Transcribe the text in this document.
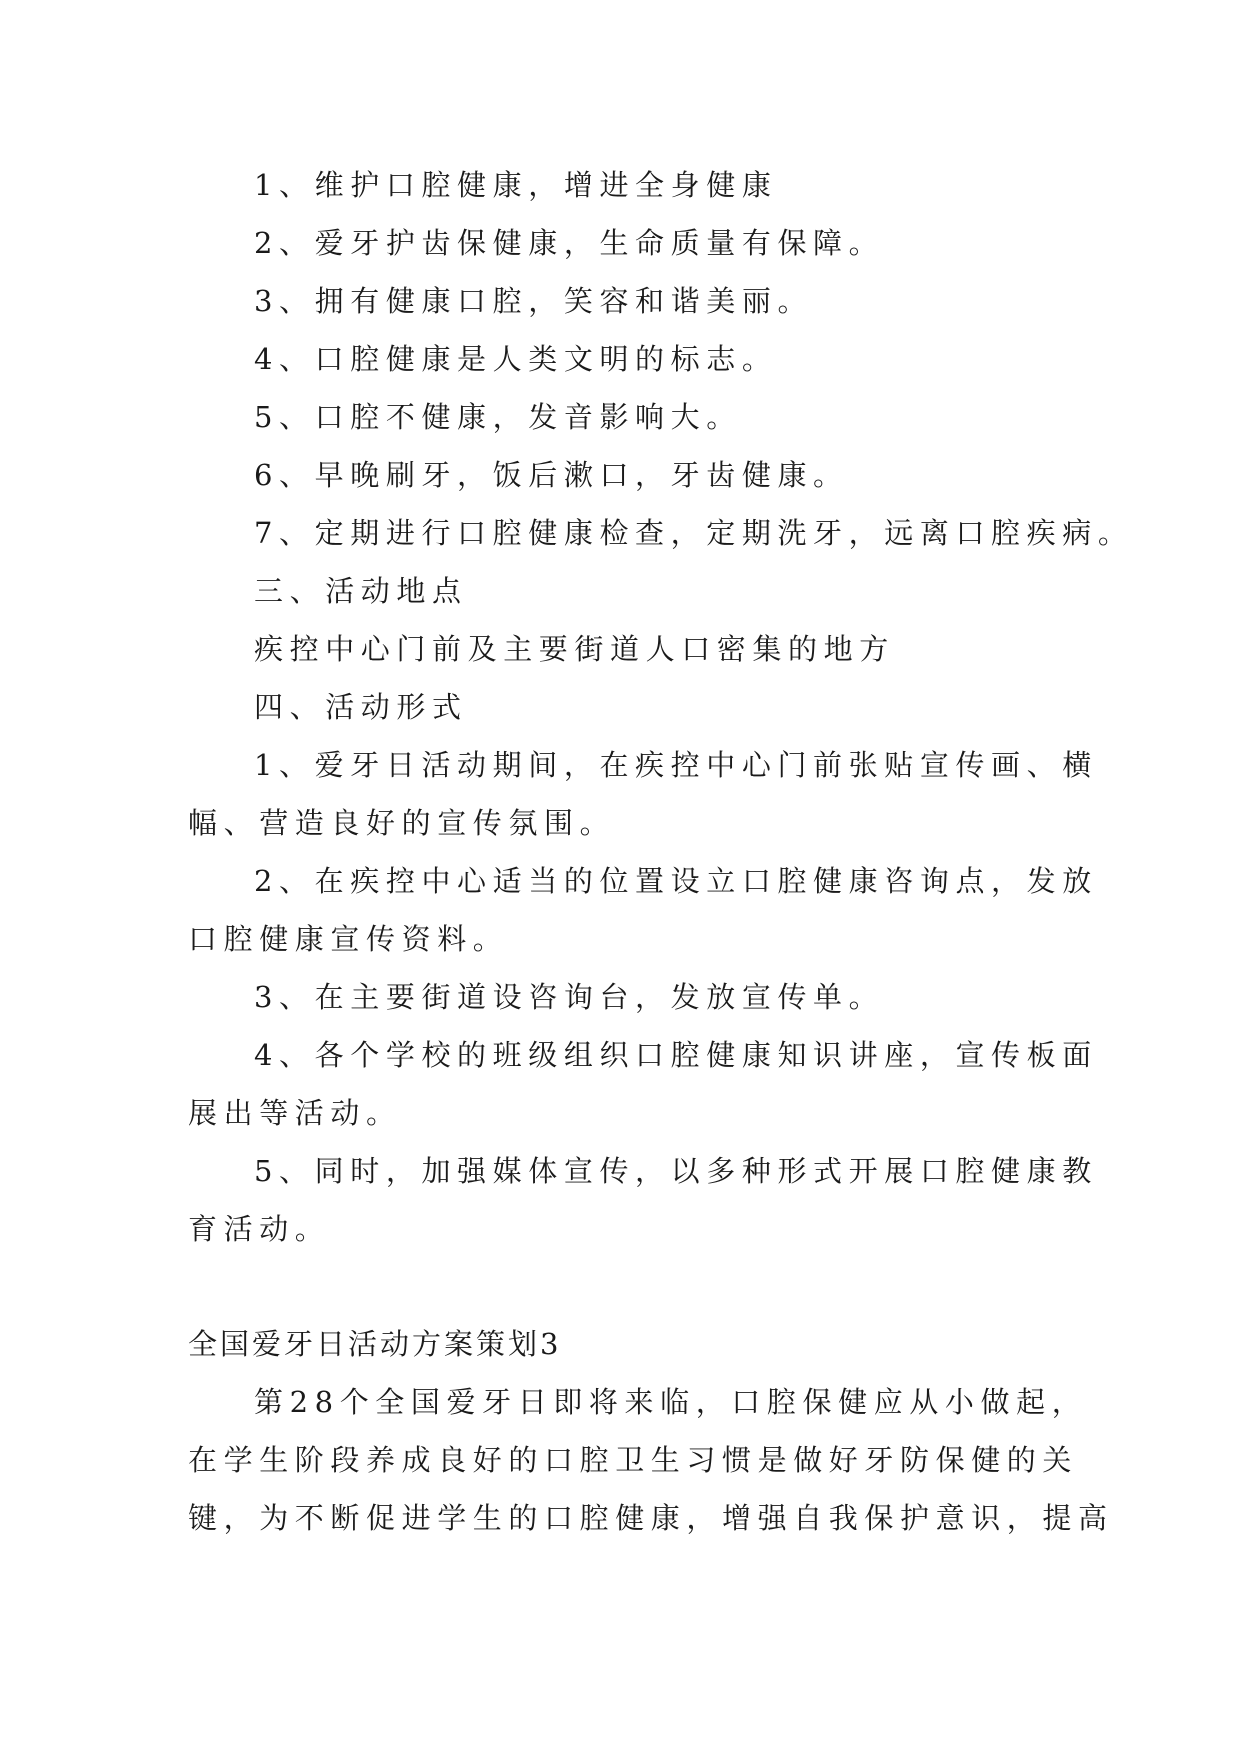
1、维护口腔健康，增进全身健康
2、爱牙护齿保健康，生命质量有保障。
3、拥有健康口腔，笑容和谐美丽。
4、口腔健康是人类文明的标志。
5、口腔不健康，发音影响大。
6、早晚刷牙，饭后漱口，牙齿健康。
7、定期进行口腔健康检查，定期洗牙，远离口腔疾病。
三、活动地点
疾控中心门前及主要街道人口密集的地方
四、活动形式
1、爱牙日活动期间，在疾控中心门前张贴宣传画、横
幅、营造良好的宣传氛围。
2、在疾控中心适当的位置设立口腔健康咨询点，发放
口腔健康宣传资料。
3、在主要街道设咨询台，发放宣传单。
4、各个学校的班级组织口腔健康知识讲座，宣传板面
展出等活动。
5、同时，加强媒体宣传，以多种形式开展口腔健康教
育活动。
全国爱牙日活动方案策划3
第28个全国爱牙日即将来临，口腔保健应从小做起，
在学生阶段养成良好的口腔卫生习惯是做好牙防保健的关
键，为不断促进学生的口腔健康，增强自我保护意识，提高
